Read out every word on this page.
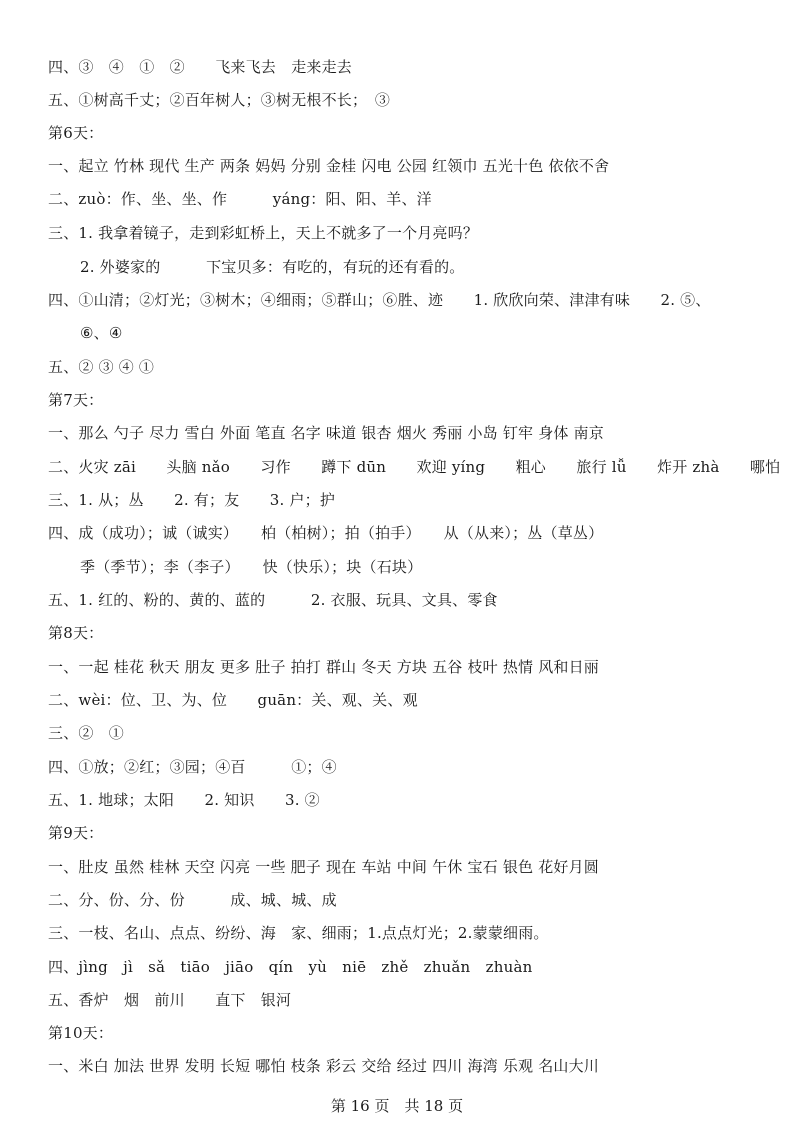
四、③　④　①　②　　飞来飞去　走来走去
五、①树高千丈；②百年树人；③树无根不长；　③
第6天：
一、起立 竹林 现代 生产 两条 妈妈 分别 金桂 闪电 公园 红领巾 五光十色 依依不舍
二、zuò：作、坐、坐、作　　　yáng：阳、阳、羊、洋
三、1. 我拿着镜子，走到彩虹桥上，天上不就多了一个月亮吗？
2. 外婆家的　　　下宝贝多：有吃的，有玩的还有看的。
四、①山清；②灯光；③树木；④细雨；⑤群山；⑥胜、迹　　1. 欣欣向荣、津津有味　　2. ⑤、
⑥、④
五、② ③ ④ ①
第7天：
一、那么 勺子 尽力 雪白 外面 笔直 名字 味道 银杏 烟火 秀丽 小岛 钉牢 身体 南京
二、火灾 zāi　　头脑 nǎo　　习作　　蹲下 dūn　　欢迎 yíng　　粗心　　旅行 lǚ　　炸开 zhà　　哪怕
三、1. 从；丛　　2. 有；友　　3. 户；护
四、成（成功）；诚（诚实）　　柏（柏树）；拍（拍手）　　从（从来）；丛（草丛）
季（季节）；李（李子）　　快（快乐）；块（石块）
五、1. 红的、粉的、黄的、蓝的　　　2. 衣服、玩具、文具、零食
第8天：
一、一起 桂花 秋天 朋友 更多 肚子 拍打 群山 冬天 方块 五谷 枝叶 热情 风和日丽
二、wèi：位、卫、为、位　　guān：关、观、关、观
三、②　①
四、①放；②红；③园；④百　　　①；④
五、1. 地球；太阳　　2. 知识　　3. ②
第9天：
一、肚皮 虽然 桂林 天空 闪亮 一些 肥子 现在 车站 中间 午休 宝石 银色 花好月圆
二、分、份、分、份　　　成、城、城、成
三、一枝、名山、点点、纷纷、海　家、细雨；1.点点灯光；2.蒙蒙细雨。
四、jìng　jì　sǎ　tiāo　jiāo　qín　yù　niē　zhě　zhuǎn　zhuàn
五、香炉　烟　前川　　直下　银河
第10天：
一、米白 加法 世界 发明 长短 哪怕 枝条 彩云 交给 经过 四川 海湾 乐观 名山大川
第 16 页　共 18 页
